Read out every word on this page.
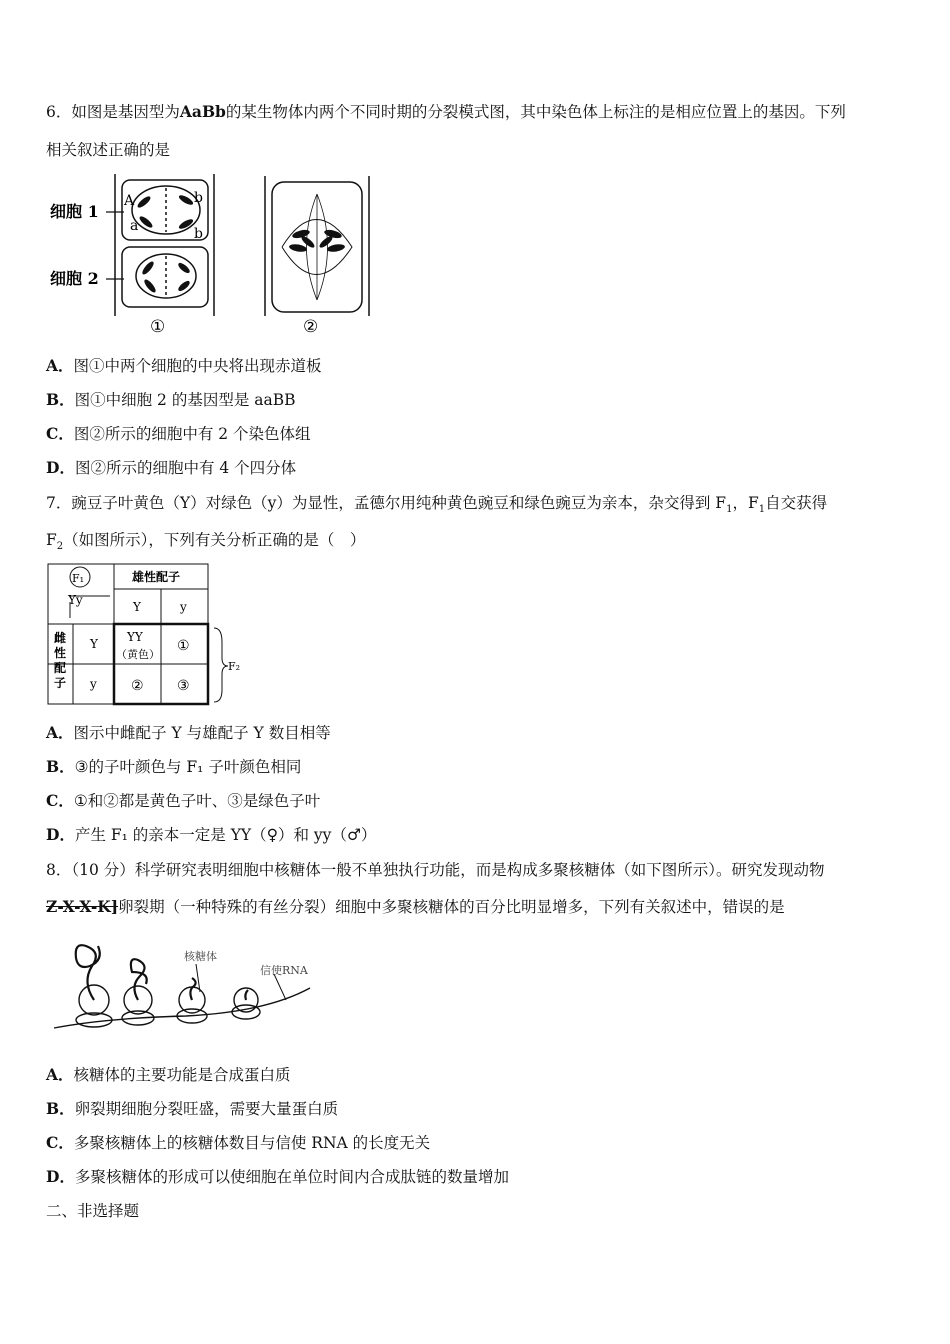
6．如图是基因型为AaBb的某生物体内两个不同时期的分裂模式图，其中染色体上标注的是相应位置上的基因。下列
相关叙述正确的是
细胞 1
细胞 2
A
a
b
b
①	②
A．图①中两个细胞的中央将出现赤道板
B．图①中细胞 2 的基因型是 aaBB
C．图②所示的细胞中有 2 个染色体组
D．图②所示的细胞中有 4 个四分体
7．豌豆子叶黄色（Y）对绿色（y）为显性，孟德尔用纯种黄色豌豆和绿色豌豆为亲本，杂交得到 $F_1$，$F_1$自交获得
$F_2$（如图所示），下列有关分析正确的是（　）
F₁
Yy
雄性配子
Y	y
雌性配子
Y
y
YY
（黄色）
①
② ③
F₂
A．图示中雌配子 Y 与雄配子 Y 数目相等
B．③的子叶颜色与 F₁ 子叶颜色相同
C．①和②都是黄色子叶、③是绿色子叶
D．产生 F₁ 的亲本一定是 YY（♀）和 yy（♂）
8．（10 分）科学研究表明细胞中核糖体一般不单独执行功能，而是构成多聚核糖体（如下图所示）。研究发现动物
Z-X-X-K]卵裂期（一种特殊的有丝分裂）细胞中多聚核糖体的百分比明显增多，下列有关叙述中，错误的是
核糖体
信使RNA
A．核糖体的主要功能是合成蛋白质
B．卵裂期细胞分裂旺盛，需要大量蛋白质
C．多聚核糖体上的核糖体数目与信使 RNA 的长度无关
D．多聚核糖体的形成可以使细胞在单位时间内合成肽链的数量增加
二、非选择题
